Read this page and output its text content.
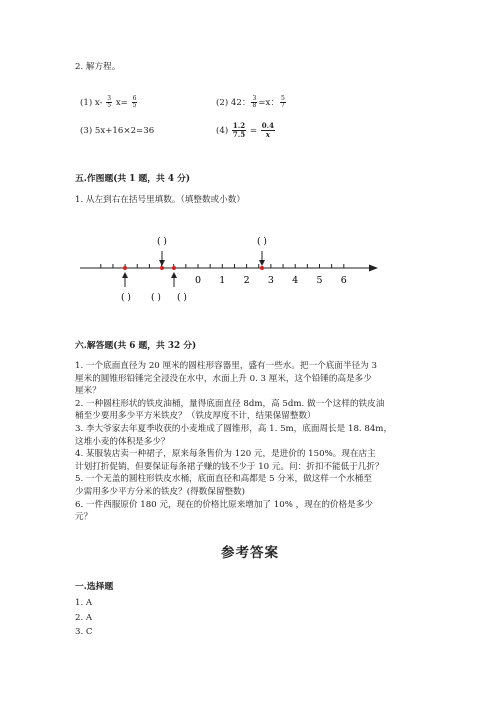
2. 解方程。
(1) $x- \frac{3}{5} x= \frac{6}{5}$	(2) 42： $\frac{3}{8} =x$： $\frac{5}{7}$
(3) 5x+16×2=36	$(4) \frac{1.2}{7.5} = \frac{0.4}{x}$
五.作图题(共 1 题，共 4 分)
1. 从左到右在括号里填数。（填整数或小数）
0 1 2 3 4 5 6
( )	( )
( ) ( ) ( )
六.解答题(共 6 题，共 32 分)
1. 一个底面直径为 20 厘米的圆柱形容器里，盛有一些水。把一个底面半径为 3
厘米的圆锥形铅锤完全浸没在水中，水面上升 0. 3 厘米，这个铅锤的高是多少
厘米？
2. 一种圆柱形状的铁皮油桶，量得底面直径 8dm，高 5dm. 做一个这样的铁皮油
桶至少要用多少平方米铁皮？（铁皮厚度不计，结果保留整数）
3. 李大爷家去年夏季收获的小麦堆成了圆锥形，高 1. 5m，底面周长是 18. 84m，
这堆小麦的体积是多少？
4. 某服装店卖一种裙子，原来每条售价为 120 元，是进价的 150%。现在店主
计划打折促销，但要保证每条裙子赚的钱不少于 10 元。问：折扣不能低于几折？
5. 一个无盖的圆柱形铁皮水桶，底面直径和高都是 5 分米，做这样一个水桶至
少需用多少平方分米的铁皮？(得数保留整数)
6. 一件西服原价 180 元，现在的价格比原来增加了 10% ，现在的价格是多少
元？
参考答案
一.选择题
1. A
2. A
3. C
